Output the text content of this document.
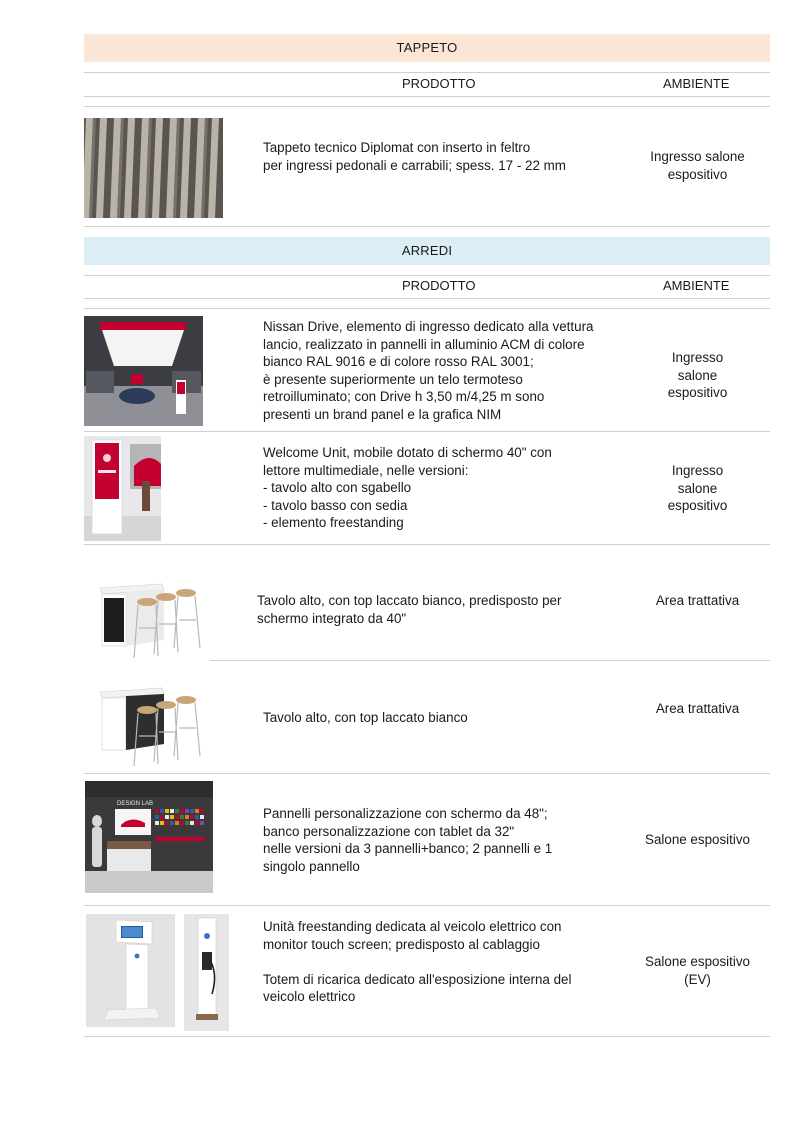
TAPPETO
PRODOTTO	AMBIENTE
Tappeto tecnico Diplomat con inserto in feltro
per ingressi pedonali e carrabili; spess. 17 - 22 mm
Ingresso salone
espositivo
ARREDI
PRODOTTO	AMBIENTE
Nissan Drive, elemento di ingresso dedicato alla vettura
lancio, realizzato in pannelli in alluminio ACM di colore
bianco RAL 9016 e di colore rosso RAL 3001;
è presente superiormente un telo termoteso
retroilluminato; con Drive h 3,50 m/4,25 m sono
presenti un brand panel e la grafica NIM
Ingresso
salone
espositivo
Welcome Unit, mobile dotato di schermo 40" con
lettore multimediale, nelle versioni:
- tavolo alto con sgabello
- tavolo basso con sedia
- elemento freestanding
Ingresso
salone
espositivo
Tavolo alto, con top laccato bianco, predisposto per
schermo integrato da 40"
Area trattativa
Tavolo alto, con top laccato bianco
Area trattativa
DESIGN LAB
Pannelli personalizzazione con schermo da 48";
banco personalizzazione con tablet da 32"
nelle versioni da 3 pannelli+banco; 2 pannelli e 1
singolo pannello
Salone espositivo
Unità freestanding dedicata al veicolo elettrico con
monitor touch screen; predisposto al cablaggio
Totem di ricarica dedicato all'esposizione interna del
veicolo elettrico
Salone espositivo
(EV)
